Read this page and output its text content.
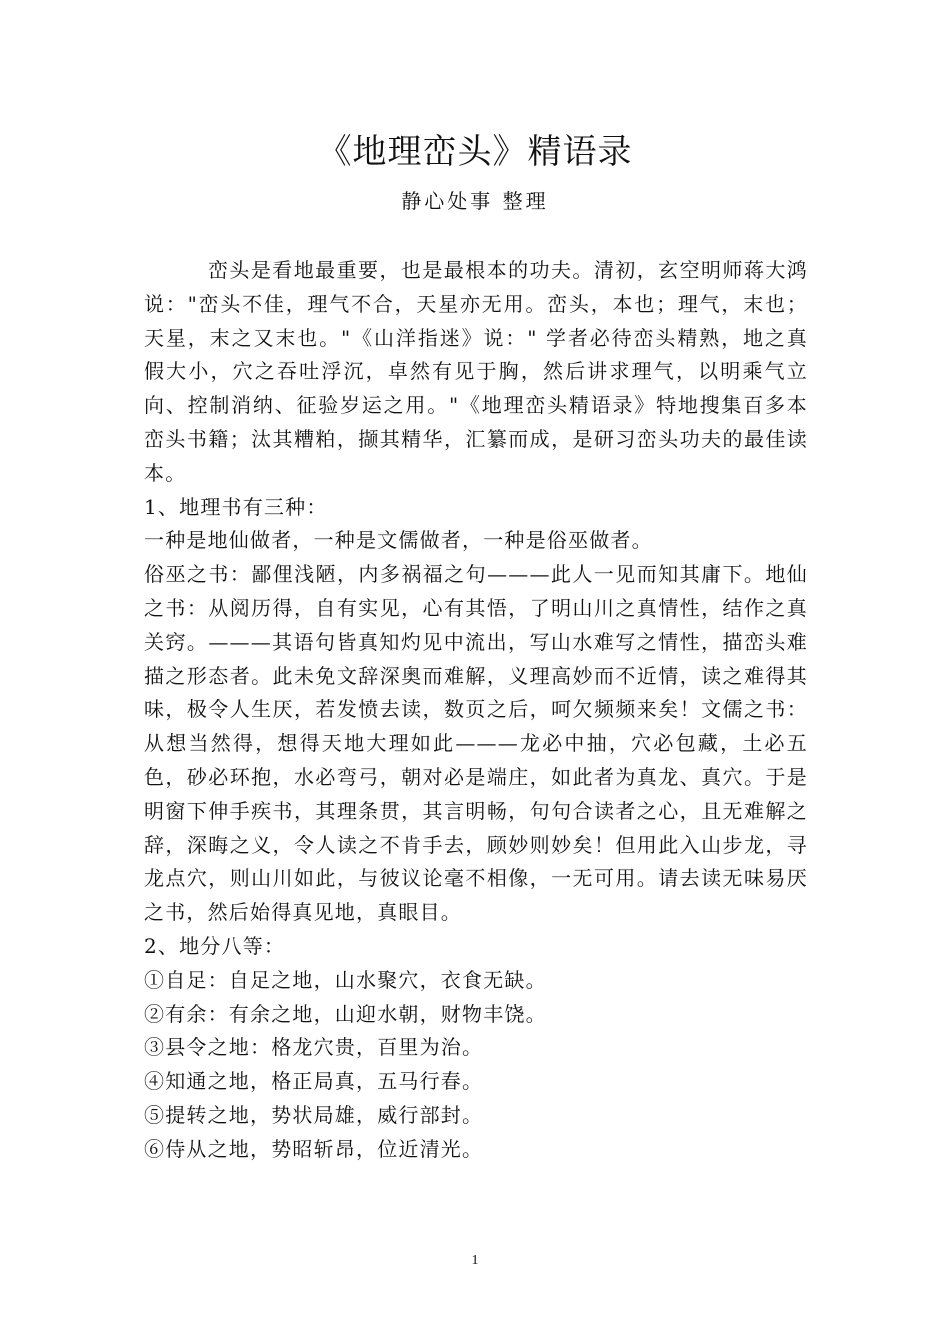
《地理峦头》精语录
静心处事 整理

峦头是看地最重要，也是最根本的功夫。清初，玄空明师蒋大鸿说："峦头不佳，理气不合，天星亦无用。峦头，本也；理气，末也；天星，末之又末也。"《山洋指迷》说：" 学者必待峦头精熟，地之真假大小，穴之吞吐浮沉，卓然有见于胸，然后讲求理气，以明乘气立向、控制消纳、征验岁运之用。"《地理峦头精语录》特地搜集百多本峦头书籍；汰其糟粕，撷其精华，汇纂而成，是研习峦头功夫的最佳读本。

1、地理书有三种：

一种是地仙做者，一种是文儒做者，一种是俗巫做者。

俗巫之书：鄙俚浅陋，内多祸福之句———此人一见而知其庸下。地仙之书：从阅历得，自有实见，心有其悟，了明山川之真情性，结作之真关窍。———其语句皆真知灼见中流出，写山水难写之情性，描峦头难描之形态者。此未免文辞深奥而难解，义理高妙而不近情，读之难得其味，极令人生厌，若发愤去读，数页之后，呵欠频频来矣！文儒之书：从想当然得，想得天地大理如此———龙必中抽，穴必包藏，土必五色，砂必环抱，水必弯弓，朝对必是端庄，如此者为真龙、真穴。于是明窗下伸手疾书，其理条贯，其言明畅，句句合读者之心，且无难解之辞，深晦之义，令人读之不肯手去，顾妙则妙矣！但用此入山步龙，寻龙点穴，则山川如此，与彼议论毫不相像，一无可用。请去读无味易厌之书，然后始得真见地，真眼目。

2、地分八等：

①自足：自足之地，山水聚穴，衣食无缺。

②有余：有余之地，山迎水朝，财物丰饶。

③县令之地：格龙穴贵，百里为治。

④知通之地，格正局真，五马行春。

⑤提转之地，势状局雄，威行部封。

⑥侍从之地，势昭斩昂，位近清光。

1
